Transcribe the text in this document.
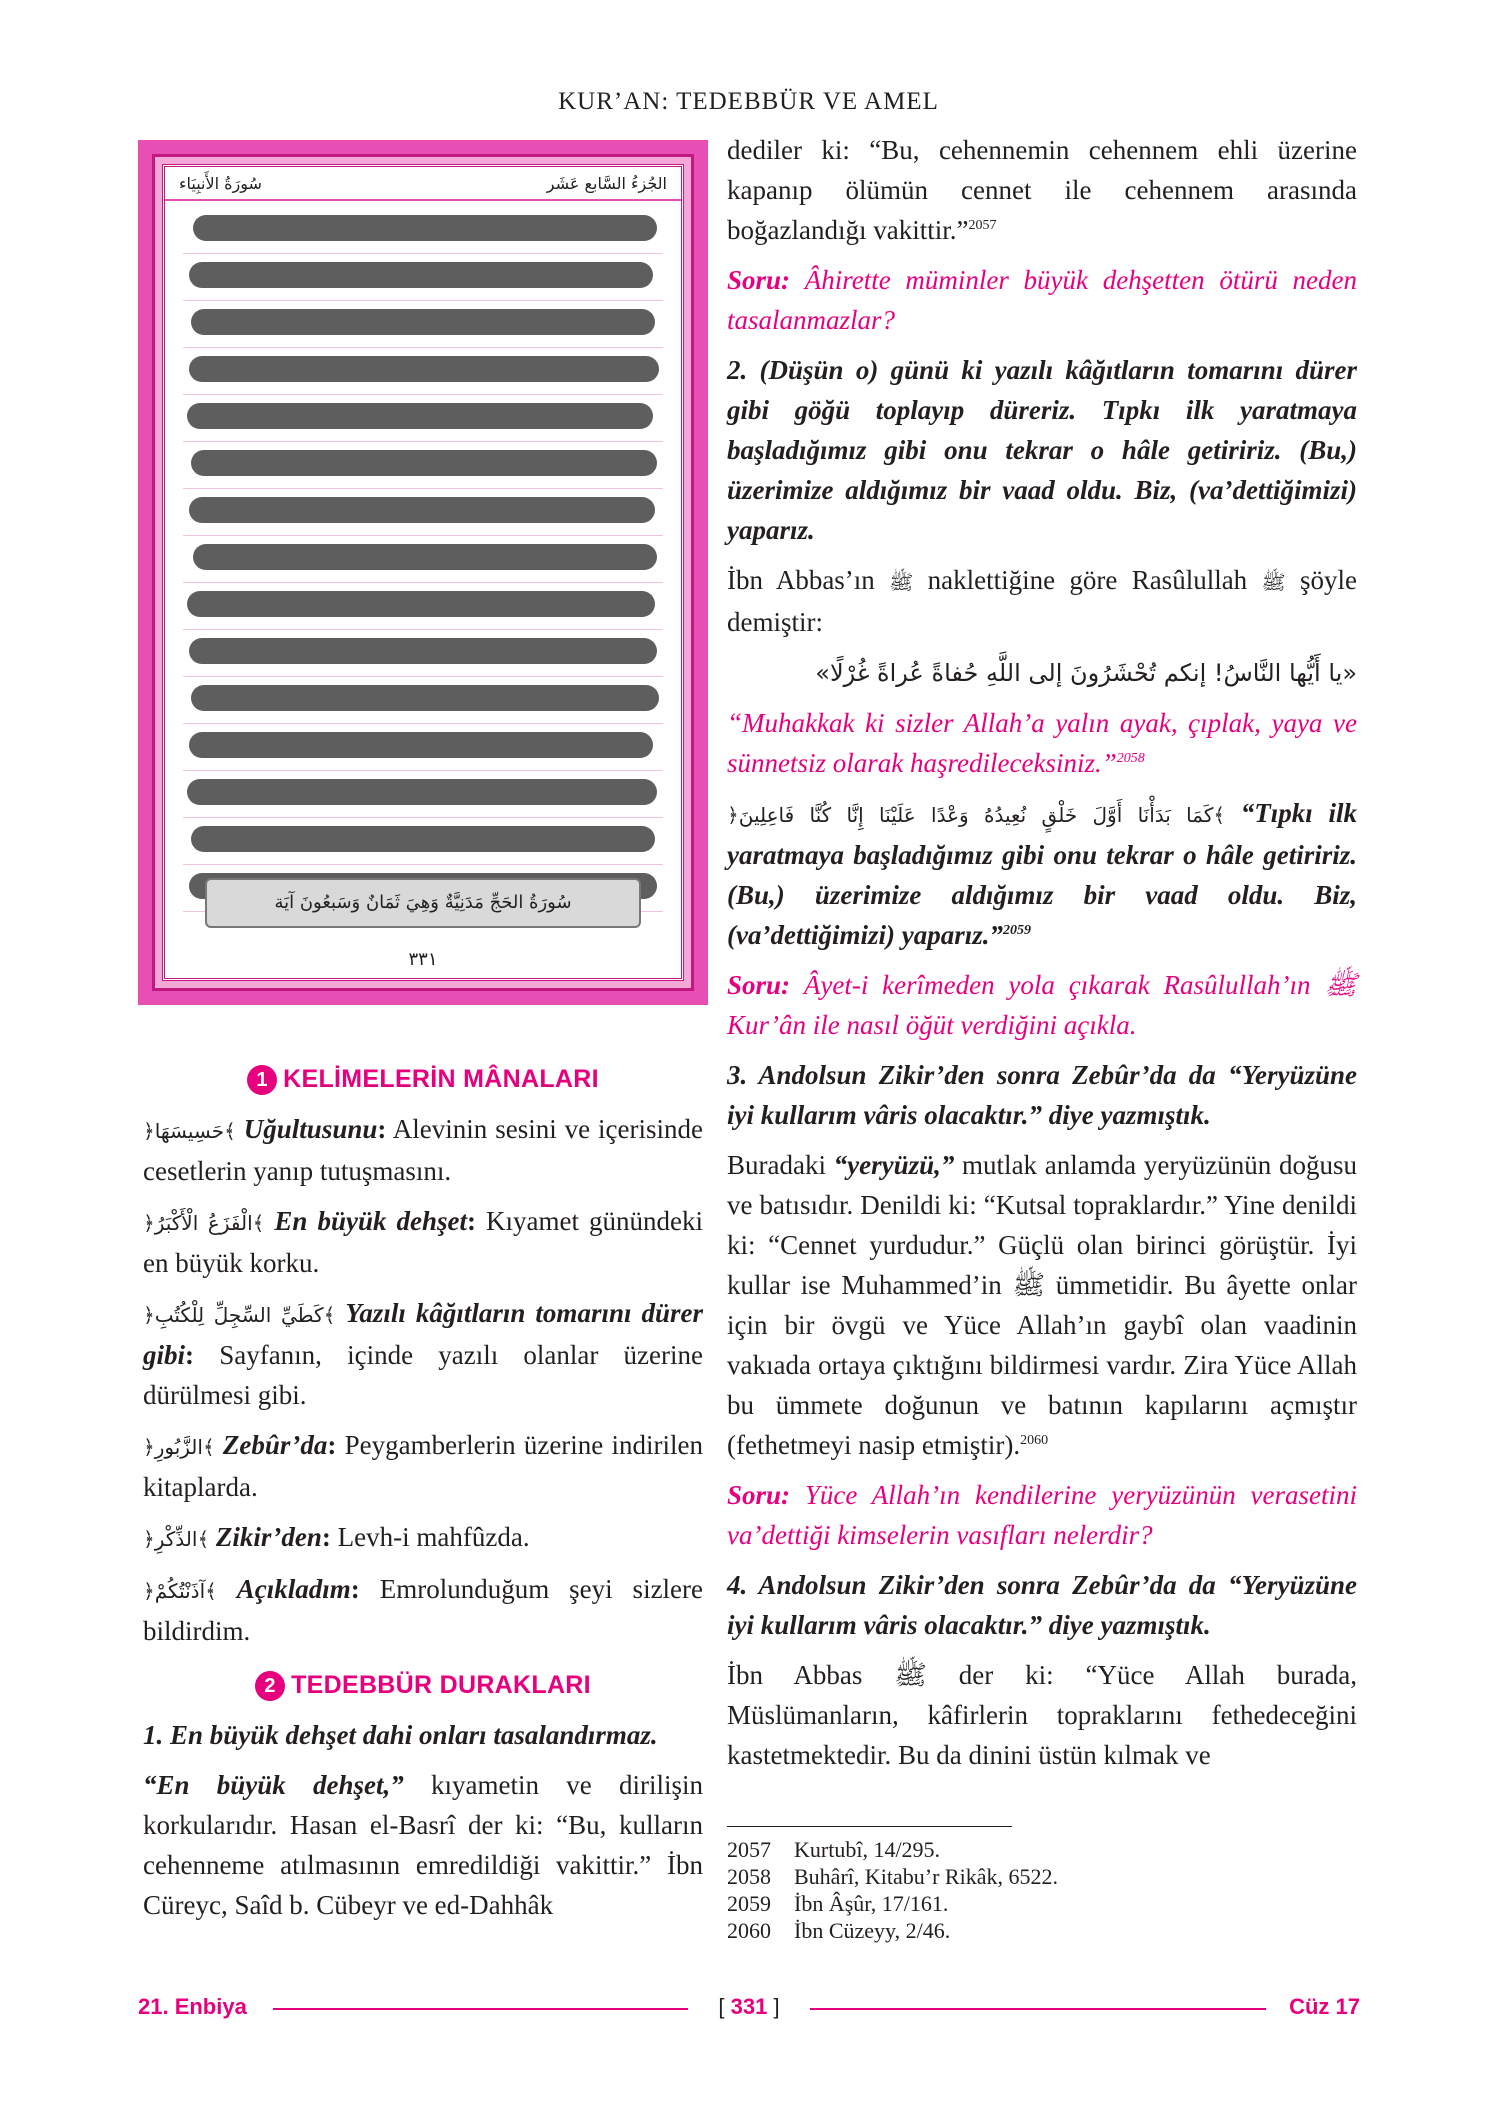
KUR’AN: TEDEBBÜR VE AMEL
سُورَةُ الأَنبِيَاء	الجُزءُ السَّابع عَشَر
سُورَةُ الحَجِّ مَدَنِيَّةٌ وَهِيَ ثَمَانٌ وَسَبعُونَ آيَة
٣٣١
1 KELİMELERİN MÂNALARI

﴿حَسِيسَهَا﴾ Uğultusunu: Alevinin sesini ve içerisinde cesetlerin yanıp tutuşmasını.

﴿الْفَزَعُ الْأَكْبَرُ﴾ En büyük dehşet: Kıyamet günündeki en büyük korku.

﴿كَطَيِّ السِّجِلِّ لِلْكُتُبِ﴾ Yazılı kâğıtların tomarını dürer gibi: Sayfanın, içinde yazılı olanlar üzerine dürülmesi gibi.

﴿الزَّبُورِ﴾ Zebûr’da: Peygamberlerin üzerine indirilen kitaplarda.

﴿الذِّكْرِ﴾ Zikir’den: Levh-i mahfûzda.

﴿آذَنْتُكُمْ﴾ Açıkladım: Emrolunduğum şeyi sizlere bildirdim.

2 TEDEBBÜR DURAKLARI

1. En büyük dehşet dahi onları tasalandırmaz.

“En büyük dehşet,” kıyametin ve dirilişin korkularıdır. Hasan el-Basrî der ki: “Bu, kulların cehenneme atılmasının emredildiği vakittir.” İbn Cüreyc, Saîd b. Cübeyr ve ed-Dahhâk

dediler ki: “Bu, cehennemin cehennem ehli üzerine kapanıp ölümün cennet ile cehennem arasında boğazlandığı vakittir.”$^{2057}$

Soru: Âhirette müminler büyük dehşetten ötürü neden tasalanmazlar?

2. (Düşün o) günü ki yazılı kâğıtların tomarını dürer gibi göğü toplayıp düreriz. Tıpkı ilk yaratmaya başladığımız gibi onu tekrar o hâle getiririz. (Bu,) üzerimize aldığımız bir vaad oldu. Biz, (va’dettiğimizi) yaparız.

İbn Abbas’ın ﷺ naklettiğine göre Rasûlullah ﷺ şöyle demiştir:

«يا أَيُّها النَّاسُ! إنكم تُحْشَرُونَ إلى اللَّهِ حُفاةً عُراةً غُرْلًا»

“Muhakkak ki sizler Allah’a yalın ayak, çıplak, yaya ve sünnetsiz olarak haşredileceksiniz.”$^{2058}$

﴿كَمَا بَدَأْنَا أَوَّلَ خَلْقٍ نُعِيدُهُ وَعْدًا عَلَيْنَا إِنَّا كُنَّا فَاعِلِينَ﴾ “Tıpkı ilk yaratmaya başladığımız gibi onu tekrar o hâle getiririz. (Bu,) üzerimize aldığımız bir vaad oldu. Biz, (va’dettiğimizi) yaparız.”$^{2059}$

Soru: Âyet-i kerîmeden yola çıkarak Rasûlullah’ın ﷺ Kur’ân ile nasıl öğüt verdiğini açıkla.

3. Andolsun Zikir’den sonra Zebûr’da da “Yeryüzüne iyi kullarım vâris olacaktır.” diye yazmıştık.

Buradaki “yeryüzü,” mutlak anlamda yeryüzünün doğusu ve batısıdır. Denildi ki: “Kutsal topraklardır.” Yine denildi ki: “Cennet yurdudur.” Güçlü olan birinci görüştür. İyi kullar ise Muhammed’in ﷺ ümmetidir. Bu âyette onlar için bir övgü ve Yüce Allah’ın gaybî olan vaadinin vakıada ortaya çıktığını bildirmesi vardır. Zira Yüce Allah bu ümmete doğunun ve batının kapılarını açmıştır (fethetmeyi nasip etmiştir).$^{2060}$

Soru: Yüce Allah’ın kendilerine yeryüzünün verasetini va’dettiği kimselerin vasıfları nelerdir?

4. Andolsun Zikir’den sonra Zebûr’da da “Yeryüzüne iyi kullarım vâris olacaktır.” diye yazmıştık.

İbn Abbas ﷺ der ki: “Yüce Allah burada, Müslümanların, kâfirlerin topraklarını fethedeceğini kastetmektedir. Bu da dinini üstün kılmak ve

2057	Kurtubî, 14/295.
2058	Buhârî, Kitabu’r Rikâk, 6522.
2059	İbn Âşûr, 17/161.
2060	İbn Cüzeyy, 2/46.
21. Enbiya	[ 331 ]	Cüz 17
